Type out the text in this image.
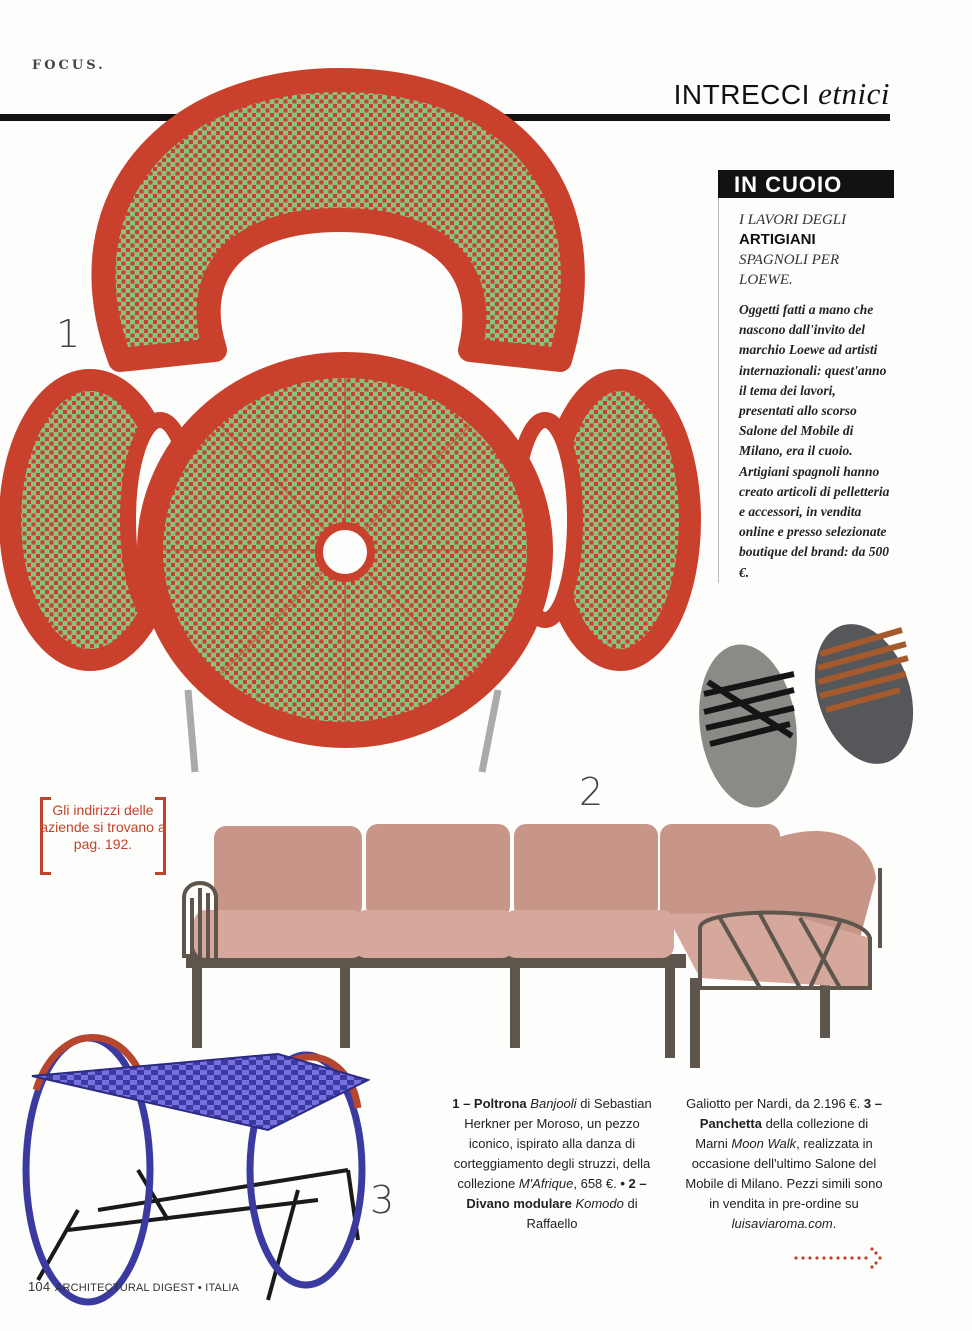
FOCUS.
INTRECCI etnici
IN CUOIO
I LAVORI DEGLI
ARTIGIANI
SPAGNOLI PER LOEWE.
Oggetti fatti a mano che nascono dall'invito del marchio Loewe ad artisti internazionali: quest'anno il tema dei lavori, presentati allo scorso Salone del Mobile di Milano, era il cuoio. Artigiani spagnoli hanno creato articoli di pelletteria e accessori, in vendita online e presso selezionate boutique del brand: da 500 €.
1
2
3
Gli indirizzi delle aziende si trovano a pag. 192.
1 – Poltrona Banjooli di Sebastian Herkner per Moroso, un pezzo iconico, ispirato alla danza di corteggiamento degli struzzi, della collezione M'Afrique, 658 €. • 2 – Divano modulare Komodo di Raffaello
Galiotto per Nardi, da 2.196 €. 3 – Panchetta della collezione di Marni Moon Walk, realizzata in occasione dell'ultimo Salone del Mobile di Milano. Pezzi simili sono in vendita in pre-ordine su luisaviaroma.com.
104 ARCHITECTURAL DIGEST • ITALIA
